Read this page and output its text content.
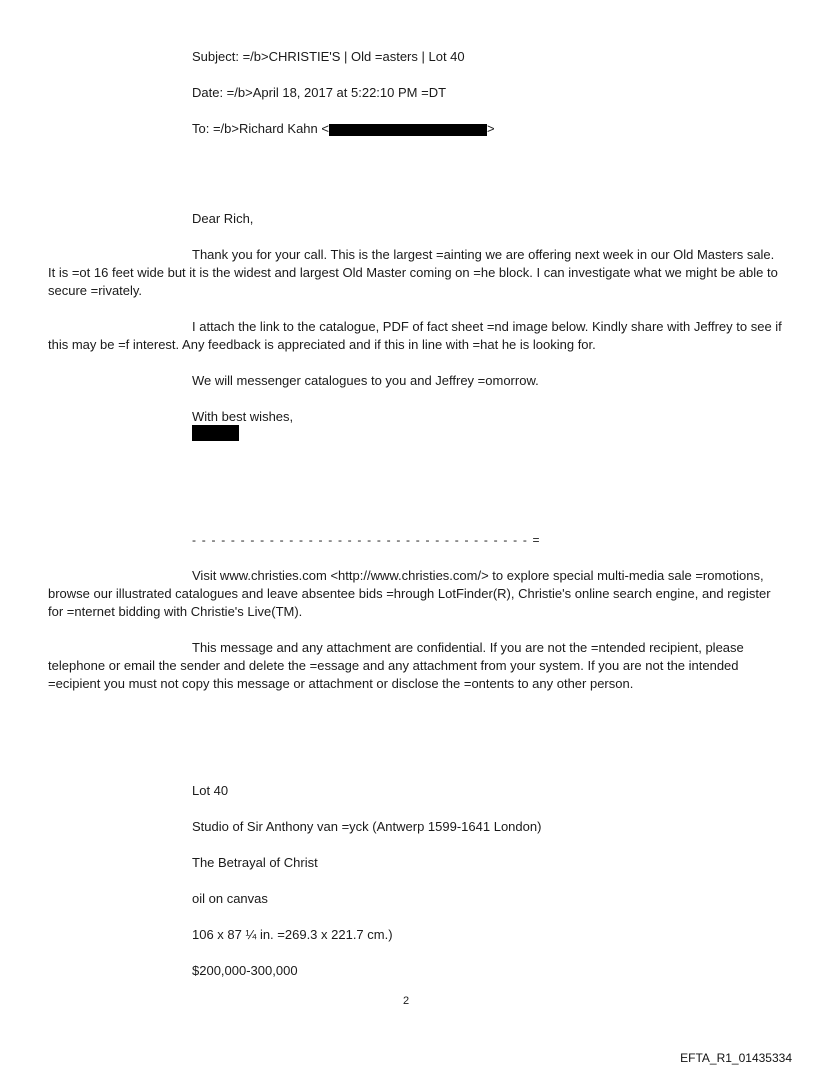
Subject: =/b>CHRISTIE'S | Old =asters | Lot 40
Date: =/b>April 18, 2017 at 5:22:10 PM =DT
To: =/b>Richard Kahn <	>
Dear Rich,
Thank you for your call. This is the largest =ainting we are offering next week in our Old Masters sale. It is =ot 16 feet wide but it is the widest and largest Old Master coming on =he block. I can investigate what we might be able to secure =rivately.
I attach the link to the catalogue, PDF of fact sheet =nd image below. Kindly share with Jeffrey to see if this may be =f interest. Any feedback is appreciated and if this in line with =hat he is looking for.
We will messenger catalogues to you and Jeffrey =omorrow.
With best wishes,
- - - - - - - - - - - - - - - - - - - - - - - - - - - - - - - - - - - =
Visit www.christies.com <http://www.christies.com/> to explore special multi-media sale =romotions, browse our illustrated catalogues and leave absentee bids =hrough LotFinder(R), Christie's online search engine, and register for =nternet bidding with Christie's Live(TM).
This message and any attachment are confidential. If you are not the =ntended recipient, please telephone or email the sender and delete the =essage and any attachment from your system. If you are not the intended =ecipient you must not copy this message or attachment or disclose the =ontents to any other person.
Lot 40
Studio of Sir Anthony van =yck (Antwerp 1599-1641 London)
The Betrayal of Christ
oil on canvas
106 x 87 ¼ in. =269.3 x 221.7 cm.)
$200,000-300,000
2
EFTA_R1_01435334
